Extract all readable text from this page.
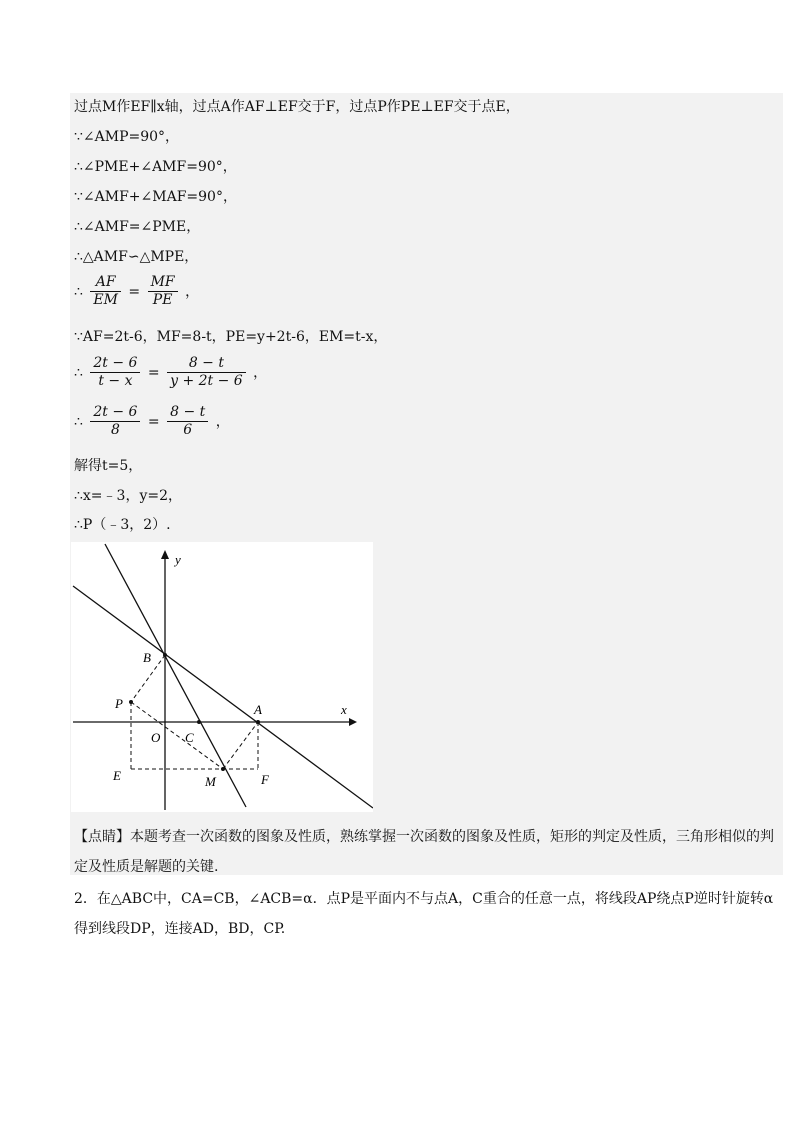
过点M作EF∥x轴，过点A作AF⊥EF交于F，过点P作PE⊥EF交于点E，
∵∠AMP=90°，
∴∠PME+∠AMF=90°，
∵∠AMF+∠MAF=90°，
∴∠AMF=∠PME，
∴△AMF∽△MPE，
∴ $\frac{AF}{EM} = \frac{MF}{PE}$ ，
∵AF=2t-6，MF=8-t，PE=y+2t-6，EM=t-x，
∴ $\frac{2t - 6}{t - x} = \frac{8 - t}{y + 2t - 6}$ ，
∴ $\frac{2t - 6}{8} = \frac{8 - t}{6}$ ，
解得t=5，
∴x=﹣3，y=2，
∴P（﹣3，2）.
y
x
O
B
A
C
P
M
E	F
【点睛】本题考查一次函数的图象及性质，熟练掌握一次函数的图象及性质，矩形的判定及性质，三角形相似的判定及性质是解题的关键.
2．在△ABC中，CA=CB，∠ACB=α．点P是平面内不与点A，C重合的任意一点，将线段AP绕点P逆时针旋转α得到线段DP，连接AD，BD，CP.
